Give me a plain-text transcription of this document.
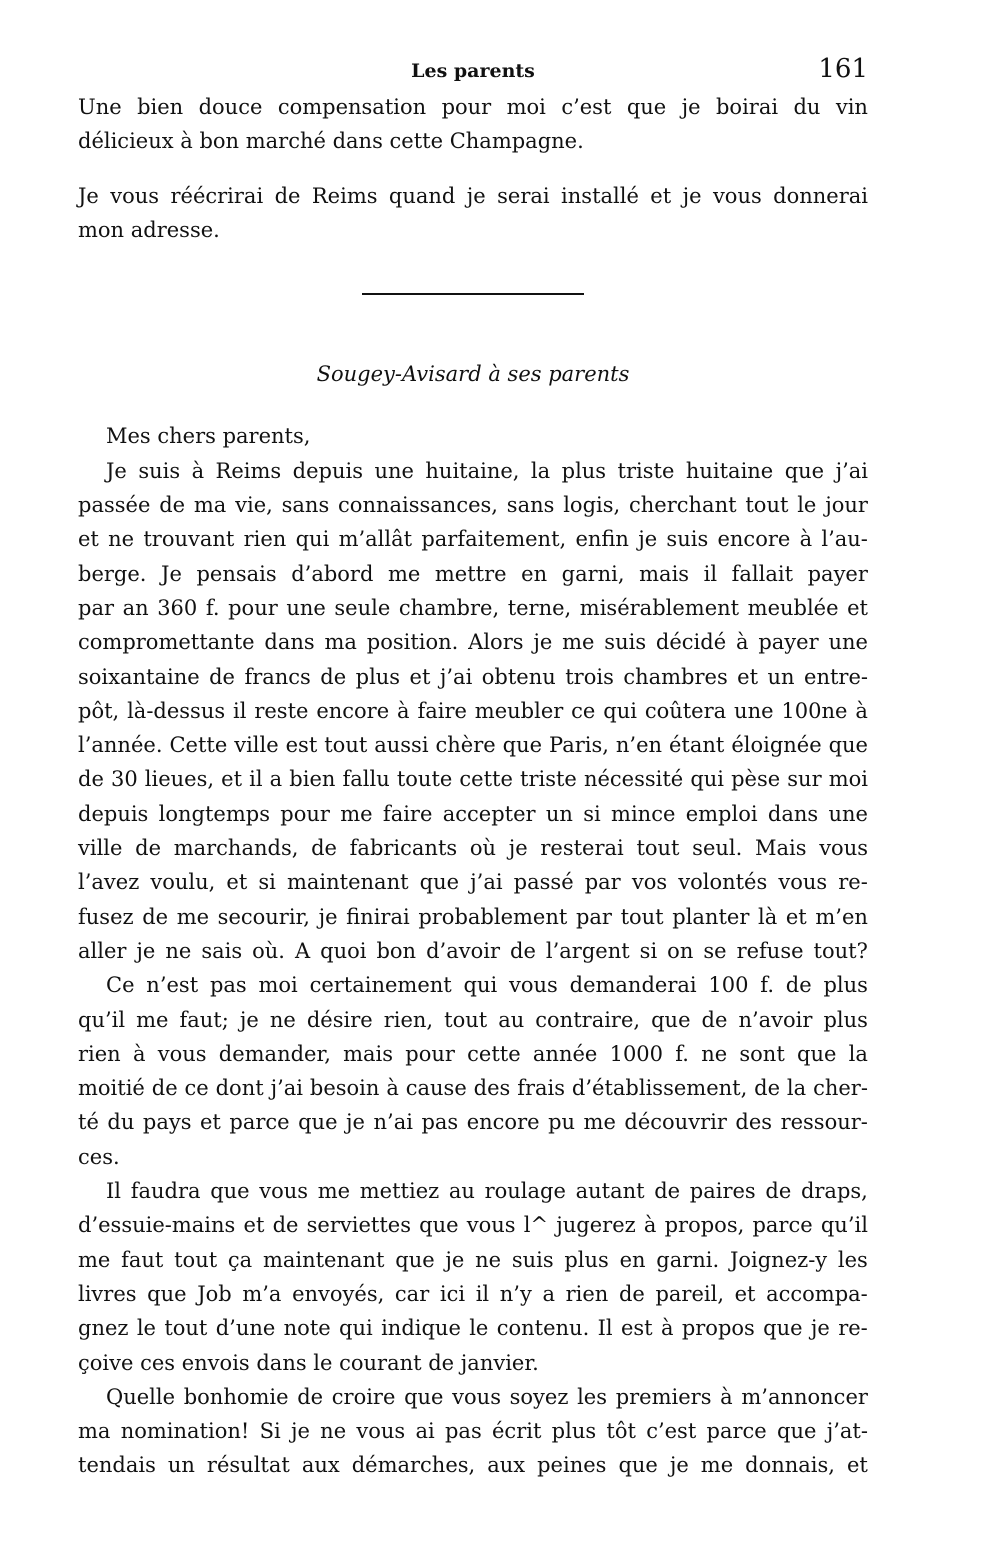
Les parents	161
Une bien douce compensation pour moi c’est que je boirai du vin
délicieux à bon marché dans cette Champagne.
Je vous réécrirai de Reims quand je serai installé et je vous donnerai
mon adresse.
Sougey-Avisard à ses parents
Mes chers parents,
Je suis à Reims depuis une huitaine, la plus triste huitaine que j’ai
passée de ma vie, sans connaissances, sans logis, cherchant tout le jour
et ne trouvant rien qui m’allât parfaitement, enfin je suis encore à l’au-
berge. Je pensais d’abord me mettre en garni, mais il fallait payer
par an 360 f. pour une seule chambre, terne, misérablement meublée et
compromettante dans ma position. Alors je me suis décidé à payer une
soixantaine de francs de plus et j’ai obtenu trois chambres et un entre-
pôt, là-dessus il reste encore à faire meubler ce qui coûtera une 100ne à
l’année. Cette ville est tout aussi chère que Paris, n’en étant éloignée que
de 30 lieues, et il a bien fallu toute cette triste nécessité qui pèse sur moi
depuis longtemps pour me faire accepter un si mince emploi dans une
ville de marchands, de fabricants où je resterai tout seul. Mais vous
l’avez voulu, et si maintenant que j’ai passé par vos volontés vous re-
fusez de me secourir, je finirai probablement par tout planter là et m’en
aller je ne sais où. A quoi bon d’avoir de l’argent si on se refuse tout?
Ce n’est pas moi certainement qui vous demanderai 100 f. de plus
qu’il me faut; je ne désire rien, tout au contraire, que de n’avoir plus
rien à vous demander, mais pour cette année 1000 f. ne sont que la
moitié de ce dont j’ai besoin à cause des frais d’établissement, de la cher-
té du pays et parce que je n’ai pas encore pu me découvrir des ressour-
ces.
Il faudra que vous me mettiez au roulage autant de paires de draps,
d’essuie-mains et de serviettes que vous l^ jugerez à propos, parce qu’il
me faut tout ça maintenant que je ne suis plus en garni. Joignez-y les
livres que Job m’a envoyés, car ici il n’y a rien de pareil, et accompa-
gnez le tout d’une note qui indique le contenu. Il est à propos que je re-
çoive ces envois dans le courant de janvier.
Quelle bonhomie de croire que vous soyez les premiers à m’annoncer
ma nomination! Si je ne vous ai pas écrit plus tôt c’est parce que j’at-
tendais un résultat aux démarches, aux peines que je me donnais, et
